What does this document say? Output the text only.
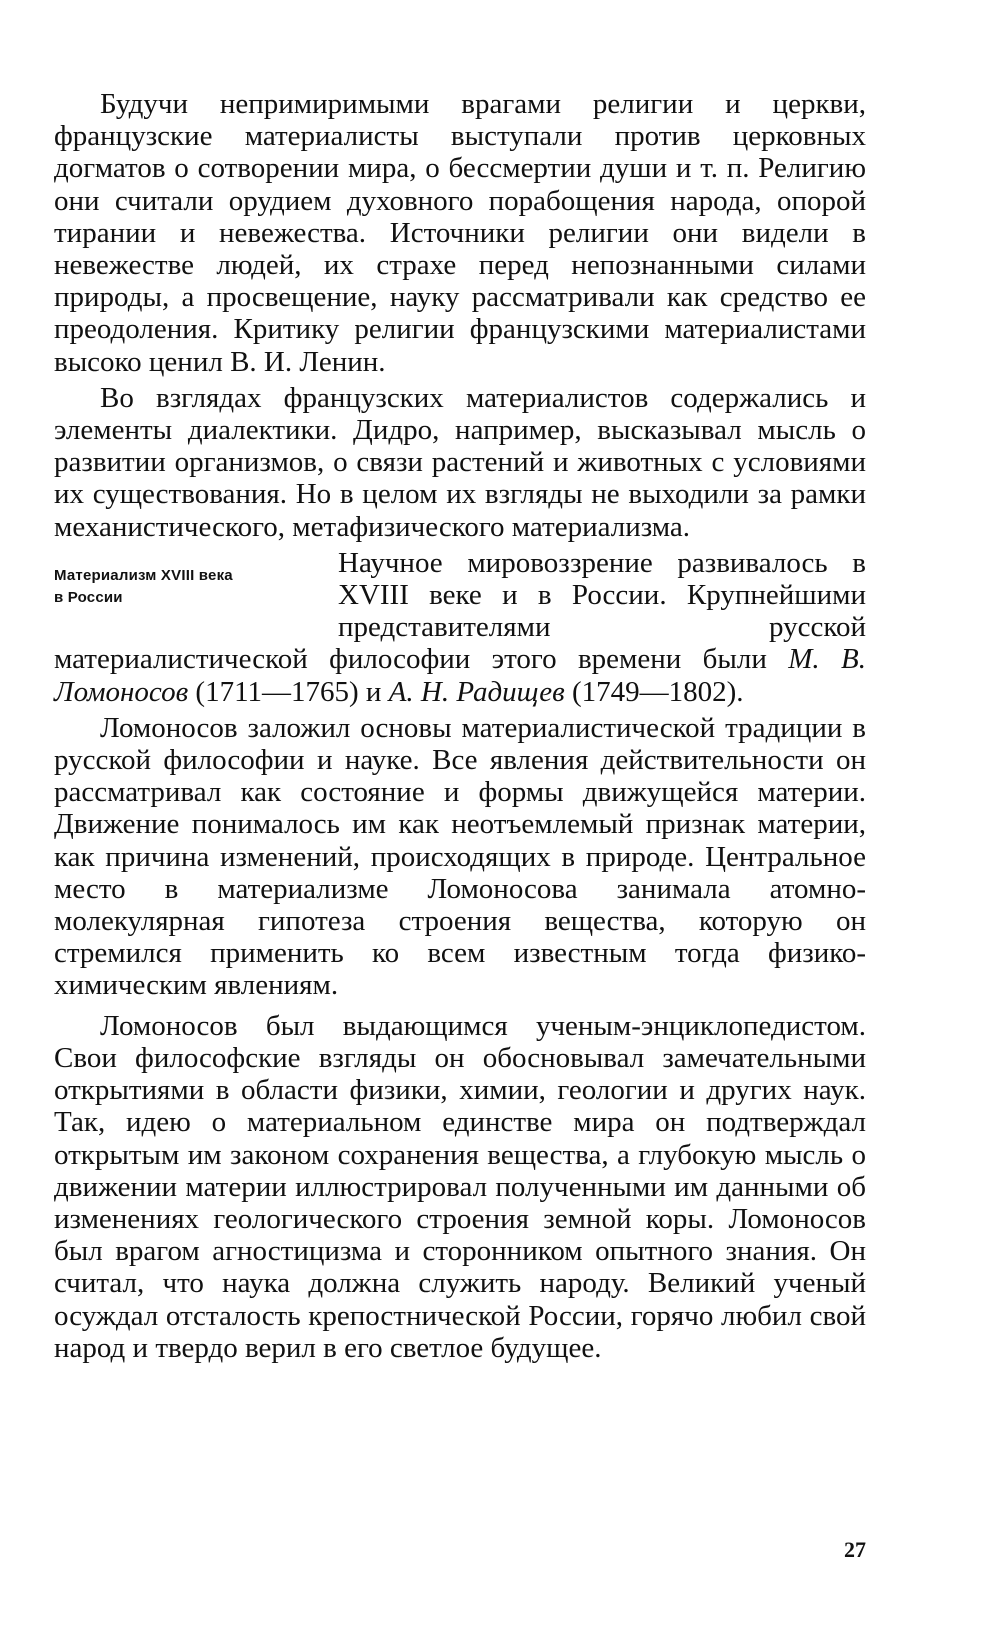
Будучи непримиримыми врагами религии и церкви, французские материалисты выступали против церковных догматов о сотворении мира, о бессмертии души и т. п. Религию они считали орудием духовного порабощения народа, опорой тирании и невежества. Источники религии они видели в невежестве людей, их страхе перед непознанными силами природы, а просвещение, науку рассматривали как средство ее преодоления. Критику религии французскими материалистами высоко ценил В. И. Ленин.

Во взглядах французских материалистов содержались и элементы диалектики. Дидро, например, высказывал мысль о развитии организмов, о связи растений и животных с условиями их существования. Но в целом их взгляды не выходили за рамки механистического, метафизического материализма.

Материализм XVIII века
в России

Научное мировоззрение развивалось в XVIII веке и в России. Крупнейшими представителями русской материалистической философии этого времени были М. В. Ломоносов (1711—1765) и А. Н. Радищев (1749—1802).

Ломоносов заложил основы материалистической традиции в русской философии и науке. Все явления действительности он рассматривал как состояние и формы движущейся материи. Движение понималось им как неотъемлемый признак материи, как причина изменений, происходящих в природе. Центральное место в материализме Ломоносова занимала атомно-молекулярная гипотеза строения вещества, которую он стремился применить ко всем известным тогда физико-химическим явлениям.

Ломоносов был выдающимся ученым-энциклопедистом. Свои философские взгляды он обосновывал замечательными открытиями в области физики, химии, геологии и других наук. Так, идею о материальном единстве мира он подтверждал открытым им законом сохранения вещества, а глубокую мысль о движении материи иллюстрировал полученными им данными об изменениях геологического строения земной коры. Ломоносов был врагом агностицизма и сторонником опытного знания. Он считал, что наука должна служить народу. Великий ученый осуждал отсталость крепостнической России, горячо любил свой народ и твердо верил в его светлое будущее.

27
